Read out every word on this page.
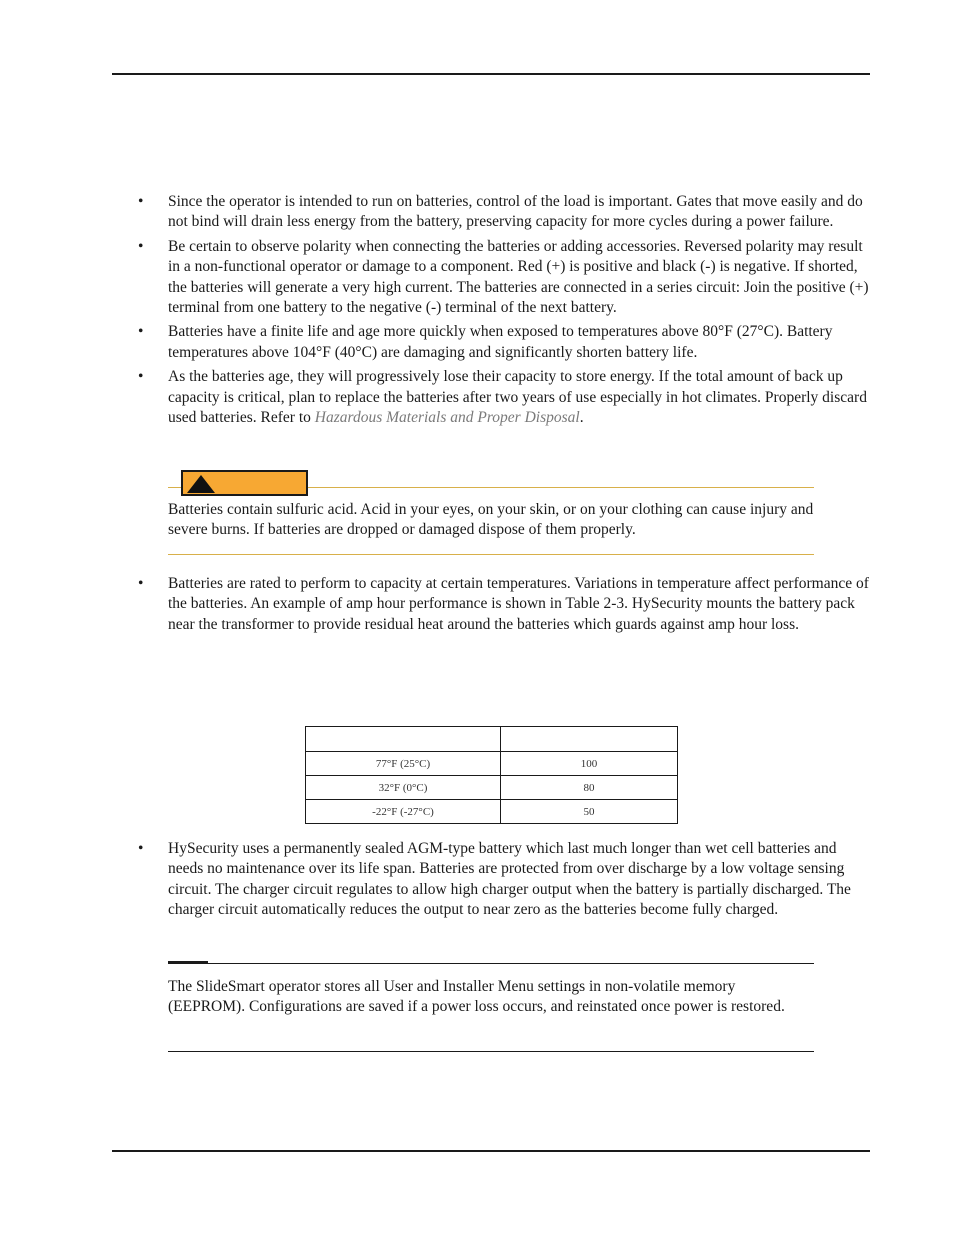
• Since the operator is intended to run on batteries, control of the load is important. Gates that move easily and do not bind will drain less energy from the battery, preserving capacity for more cycles during a power failure.

• Be certain to observe polarity when connecting the batteries or adding accessories. Reversed polarity may result in a non-functional operator or damage to a component. Red (+) is positive and black (-) is negative. If shorted, the batteries will generate a very high current. The batteries are connected in a series circuit: Join the positive (+) terminal from one battery to the negative (-) terminal of the next battery.

• Batteries have a finite life and age more quickly when exposed to temperatures above 80°F (27°C). Battery temperatures above 104°F (40°C) are damaging and significantly shorten battery life.

• As the batteries age, they will progressively lose their capacity to store energy. If the total amount of back up capacity is critical, plan to replace the batteries after two years of use especially in hot climates. Properly discard used batteries. Refer to Hazardous Materials and Proper Disposal.

Batteries contain sulfuric acid. Acid in your eyes, on your skin, or on your clothing can cause injury and severe burns. If batteries are dropped or damaged dispose of them properly.

• Batteries are rated to perform to capacity at certain temperatures. Variations in temperature affect performance of the batteries. An example of amp hour performance is shown in Table 2-3. HySecurity mounts the battery pack near the transformer to provide residual heat around the batteries which guards against amp hour loss.

77°F (25°C)	100
32°F (0°C)	80
-22°F (-27°C)	50

• HySecurity uses a permanently sealed AGM-type battery which last much longer than wet cell batteries and needs no maintenance over its life span. Batteries are protected from over discharge by a low voltage sensing circuit. The charger circuit regulates to allow high charger output when the battery is partially discharged. The charger circuit automatically reduces the output to near zero as the batteries become fully charged.

The SlideSmart operator stores all User and Installer Menu settings in non-volatile memory (EEPROM). Configurations are saved if a power loss occurs, and reinstated once power is restored.
